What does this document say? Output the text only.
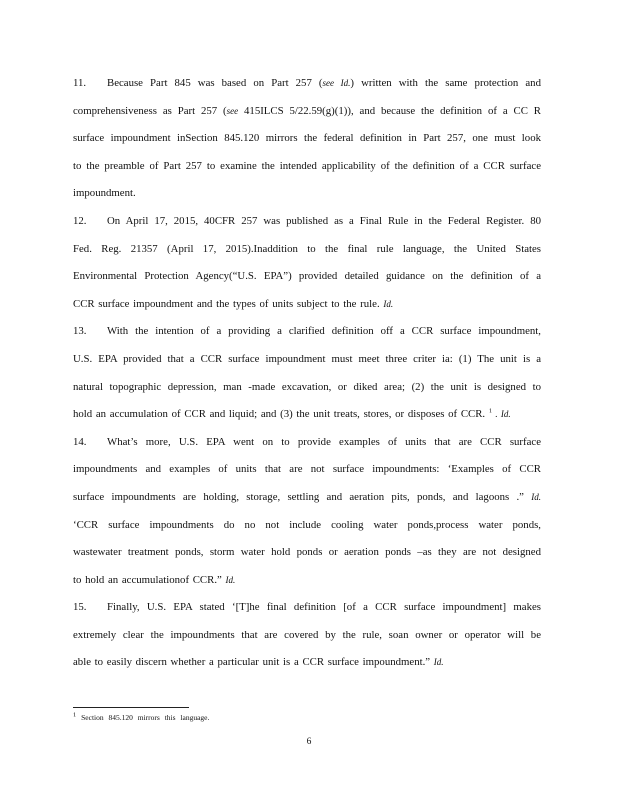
11. Because Part 845 was based on Part 257 (see Id.) written with the same protection and

comprehensiveness as Part 257 (see 415ILCS 5/22.59(g)(1)), and because the definition of a CC R

surface impoundment inSection 845.120 mirrors the federal definition in Part 257, one must look

to the preamble of Part 257 to examine the intended applicability of the definition of a CCR surface

impoundment.

12. On April 17, 2015, 40CFR 257 was published as a Final Rule in the Federal Register. 80

Fed. Reg. 21357 (April 17, 2015).Inaddition to the final rule language, the United States

Environmental Protection Agency(“U.S. EPA”) provided detailed guidance on the definition of a

CCR surface impoundment and the types of units subject to the rule. Id.

13. With the intention of a providing a clarified definition off a CCR surface impoundment,

U.S. EPA provided that a CCR surface impoundment must meet three criter ia: (1) The unit is a

natural topographic depression, man -made excavation, or diked area; (2) the unit is designed to

hold an accumulation of CCR and liquid; and (3) the unit treats, stores, or disposes of CCR. $^1$ . Id.

14. What’s more, U.S. EPA went on to provide examples of units that are CCR surface

impoundments and examples of units that are not surface impoundments: ‘Examples of CCR

surface impoundments are holding, storage, settling and aeration pits, ponds, and lagoons .” Id.

‘CCR surface impoundments do no not include cooling water ponds,process water ponds,

wastewater treatment ponds, storm water hold ponds or aeration ponds –as they are not designed

to hold an accumulationof CCR.” Id.

15. Finally, U.S. EPA stated ‘[T]he final definition [of a CCR surface impoundment] makes

extremely clear the impoundments that are covered by the rule, soan owner or operator will be

able to easily discern whether a particular unit is a CCR surface impoundment.” Id.

1 Section 845.120 mirrors this language.
6
